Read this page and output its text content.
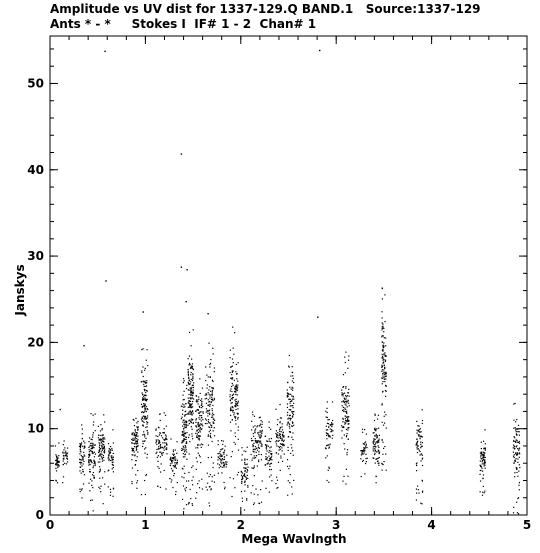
Amplitude vs UV dist for 1337-129.Q BAND.1   Source:1337-129
Ants * - *     Stokes I  IF# 1 - 2  Chan# 1
0	1	2	3	4	5
0
10
20
30
40
50
Mega Wavlngth
Janskys
